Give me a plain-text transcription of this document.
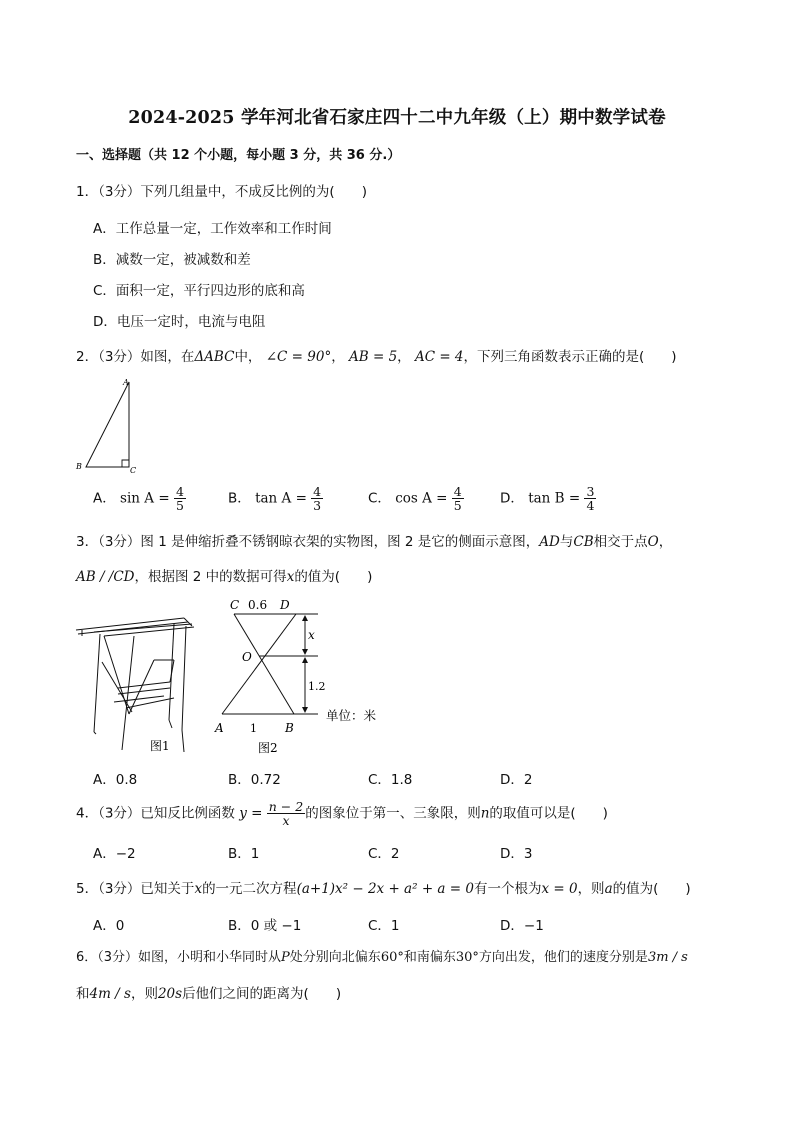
2024-2025 学年河北省石家庄四十二中九年级（上）期中数学试卷
一、选择题（共 12 个小题，每小题 3 分，共 36 分.）
1．（3分）下列几组量中，不成反比例的为(　　)
A．工作总量一定，工作效率和工作时间
B．减数一定，被减数和差
C．面积一定，平行四边形的底和高
D．电压一定时，电流与电阻
2．（3分）如图，在ΔABC中， ∠C = 90°， AB = 5， AC = 4，下列三角函数表示正确的是(　　)
A
B	C
A． $\sin A = \frac{4}{5}$	B． $\tan A = \frac{4}{3}$	C． $\cos A = \frac{4}{5}$	D． $\tan B = \frac{3}{4}$
3．（3分）图 1 是伸缩折叠不锈钢晾衣架的实物图，图 2 是它的侧面示意图，AD与CB相交于点O，
AB / /CD，根据图 2 中的数据可得x的值为(　　)
图1
C 0.6 D
x
O
1.2
A 1 B
单位：米
图2
A．0.8	B．0.72	C．1.8	D．2
4．（3分）已知反比例函数 $y = \frac{n - 2}{x}$ 的图象位于第一、三象限，则n的取值可以是(　　)
A．−2	B．1	C．2	D．3
5．（3分）已知关于x的一元二次方程(a+1)x² − 2x + a² + a = 0有一个根为x = 0，则a的值为(　　)
A．0	B．0 或 −1	C．1	D．−1
6．（3分）如图，小明和小华同时从P处分别向北偏东60°和南偏东30°方向出发，他们的速度分别是3m / s
和4m / s，则20s后他们之间的距离为(　　)
